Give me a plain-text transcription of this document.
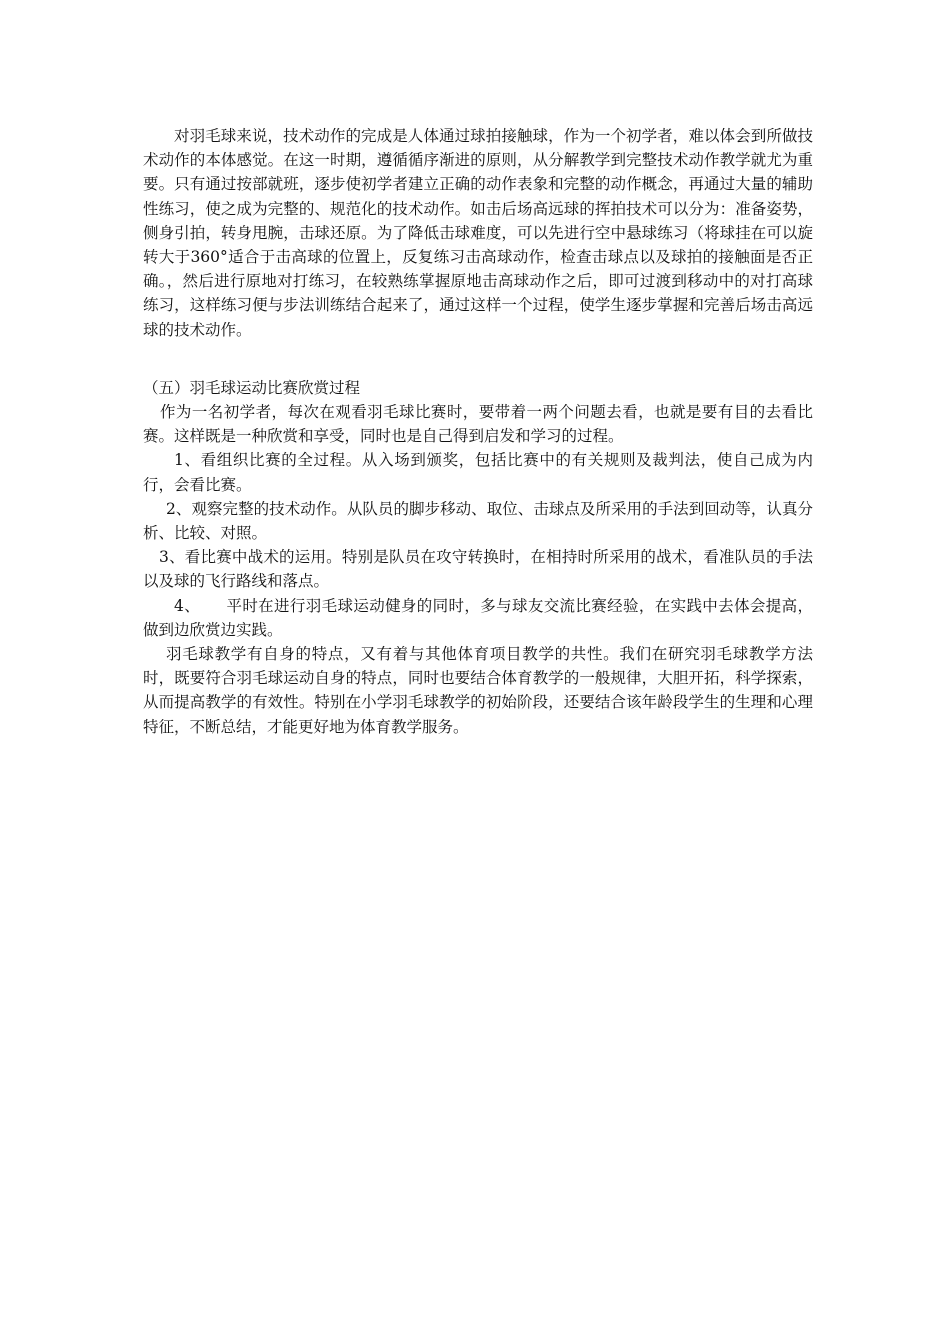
对羽毛球来说，技术动作的完成是人体通过球拍接触球，作为一个初学者，难以体会到所做技术动作的本体感觉。在这一时期，遵循循序渐进的原则，从分解教学到完整技术动作教学就尤为重要。只有通过按部就班，逐步使初学者建立正确的动作表象和完整的动作概念，再通过大量的辅助性练习，使之成为完整的、规范化的技术动作。如击后场高远球的挥拍技术可以分为：准备姿势，侧身引拍，转身甩腕，击球还原。为了降低击球难度，可以先进行空中悬球练习（将球挂在可以旋转大于360°适合于击高球的位置上，反复练习击高球动作，检查击球点以及球拍的接触面是否正确。，然后进行原地对打练习，在较熟练掌握原地击高球动作之后，即可过渡到移动中的对打高球练习，这样练习便与步法训练结合起来了，通过这样一个过程，使学生逐步掌握和完善后场击高远球的技术动作。

（五）羽毛球运动比赛欣赏过程

作为一名初学者，每次在观看羽毛球比赛时，要带着一两个问题去看，也就是要有目的去看比赛。这样既是一种欣赏和享受，同时也是自己得到启发和学习的过程。

1、看组织比赛的全过程。从入场到颁奖，包括比赛中的有关规则及裁判法，使自己成为内行，会看比赛。

2、观察完整的技术动作。从队员的脚步移动、取位、击球点及所采用的手法到回动等，认真分析、比较、对照。

3、看比赛中战术的运用。特别是队员在攻守转换时，在相持时所采用的战术，看准队员的手法以及球的飞行路线和落点。

4、 平时在进行羽毛球运动健身的同时，多与球友交流比赛经验，在实践中去体会提高，做到边欣赏边实践。

羽毛球教学有自身的特点，又有着与其他体育项目教学的共性。我们在研究羽毛球教学方法时，既要符合羽毛球运动自身的特点，同时也要结合体育教学的一般规律，大胆开拓，科学探索，从而提高教学的有效性。特别在小学羽毛球教学的初始阶段，还要结合该年龄段学生的生理和心理特征，不断总结，才能更好地为体育教学服务。
